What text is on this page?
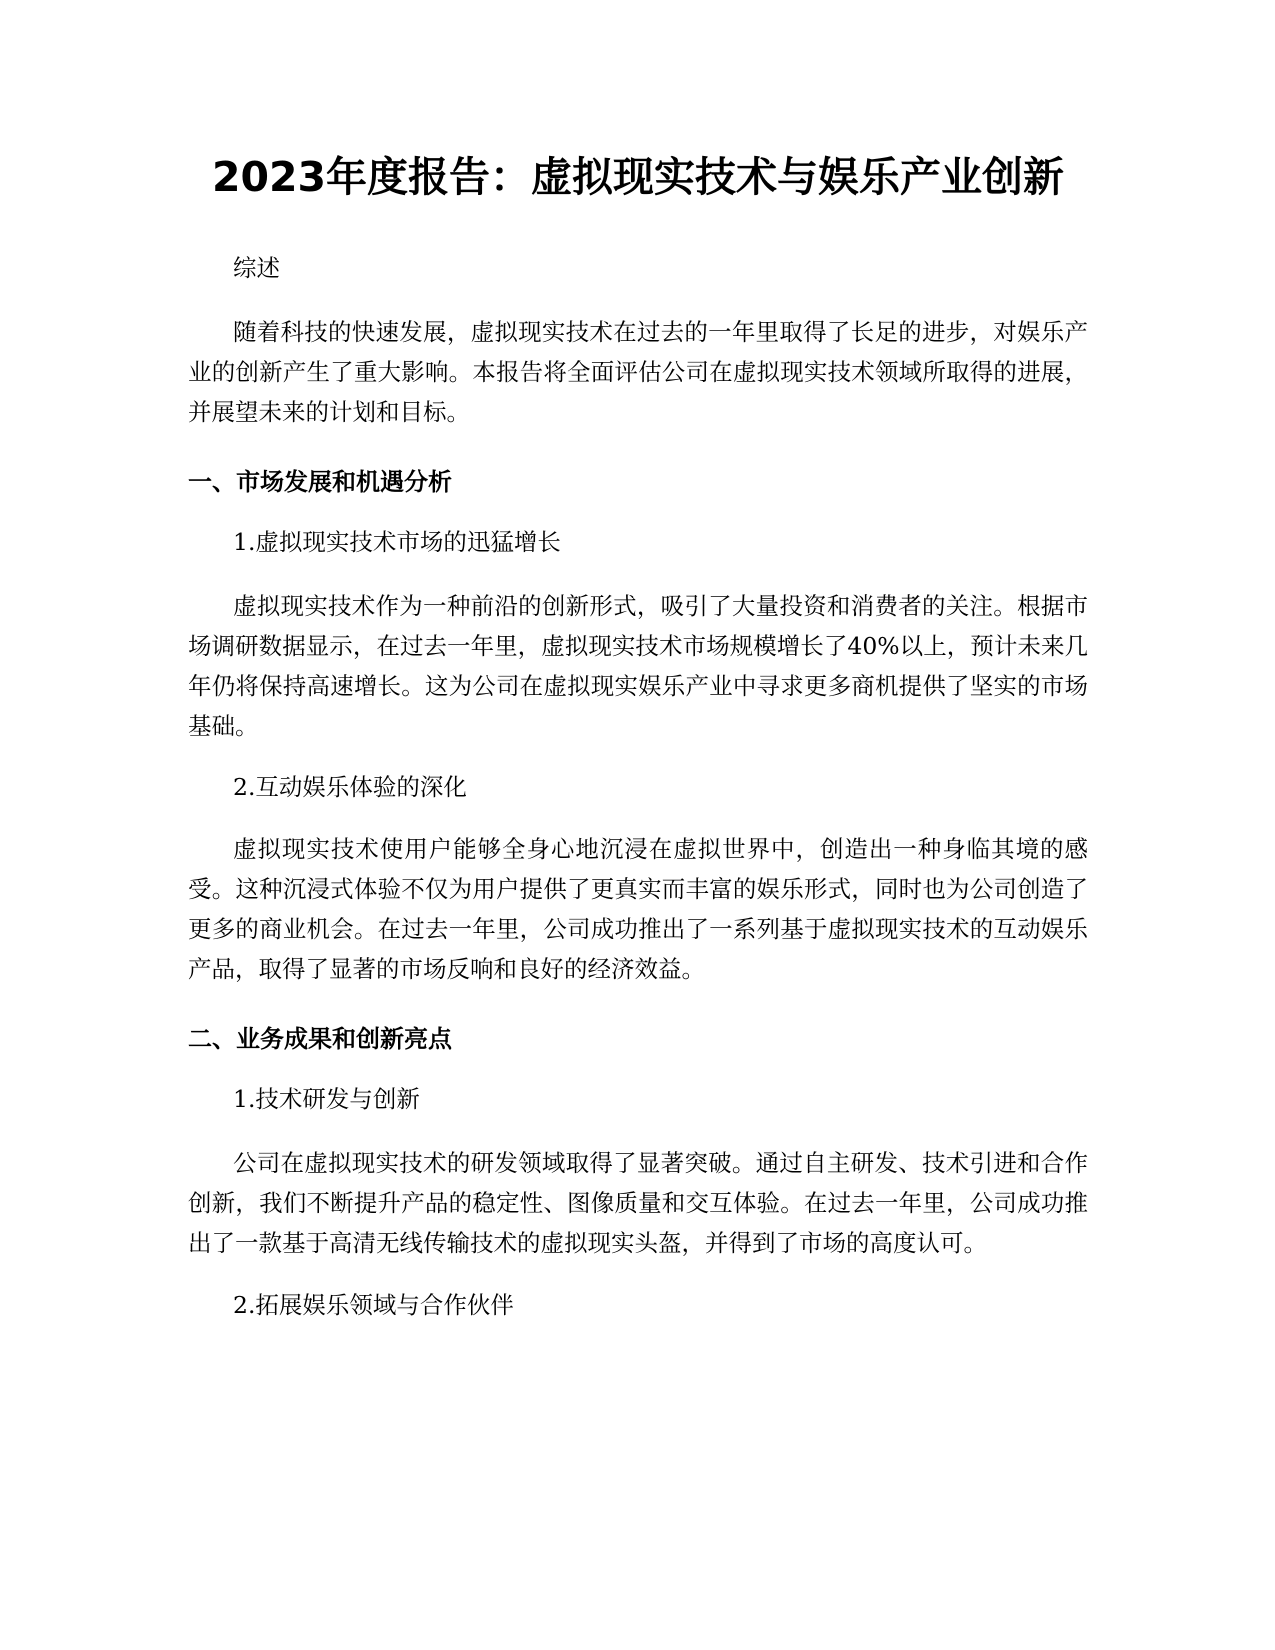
2023年度报告：虚拟现实技术与娱乐产业创新

综述

随着科技的快速发展，虚拟现实技术在过去的一年里取得了长足的进步，对娱乐产业的创新产生了重大影响。本报告将全面评估公司在虚拟现实技术领域所取得的进展，并展望未来的计划和目标。

一、市场发展和机遇分析

1.虚拟现实技术市场的迅猛增长

虚拟现实技术作为一种前沿的创新形式，吸引了大量投资和消费者的关注。根据市场调研数据显示，在过去一年里，虚拟现实技术市场规模增长了40%以上，预计未来几年仍将保持高速增长。这为公司在虚拟现实娱乐产业中寻求更多商机提供了坚实的市场基础。

2.互动娱乐体验的深化

虚拟现实技术使用户能够全身心地沉浸在虚拟世界中，创造出一种身临其境的感受。这种沉浸式体验不仅为用户提供了更真实而丰富的娱乐形式，同时也为公司创造了更多的商业机会。在过去一年里，公司成功推出了一系列基于虚拟现实技术的互动娱乐产品，取得了显著的市场反响和良好的经济效益。

二、业务成果和创新亮点

1.技术研发与创新

公司在虚拟现实技术的研发领域取得了显著突破。通过自主研发、技术引进和合作创新，我们不断提升产品的稳定性、图像质量和交互体验。在过去一年里，公司成功推出了一款基于高清无线传输技术的虚拟现实头盔，并得到了市场的高度认可。

2.拓展娱乐领域与合作伙伴
